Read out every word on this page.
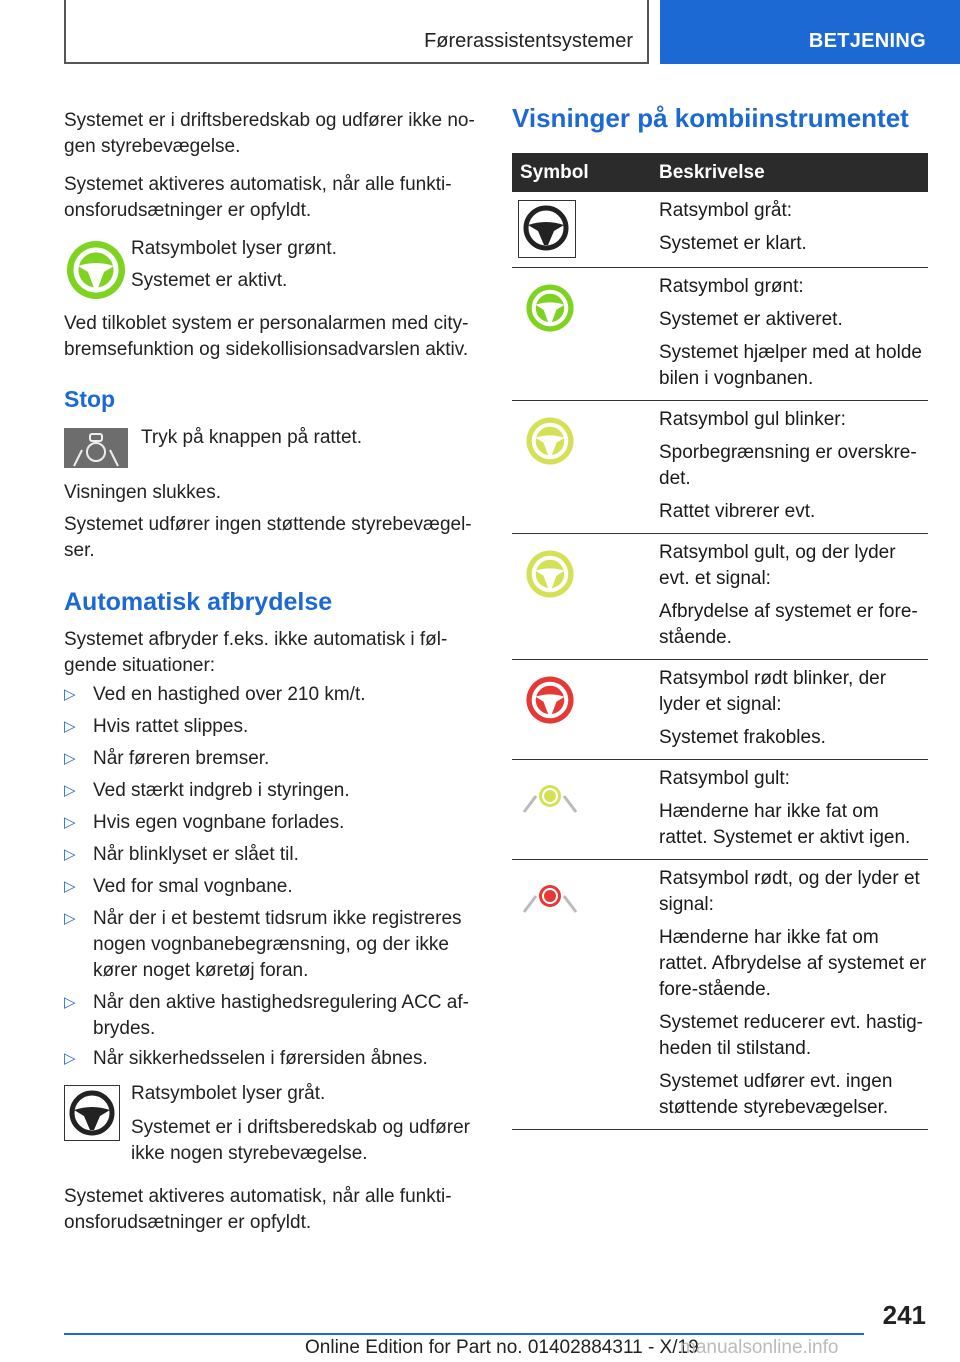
Førerassistentsystemer	BETJENING
Systemet er i driftsberedskab og udfører ikke no-gen styrebevægelse.
Systemet aktiveres automatisk, når alle funkti-onsforudsætninger er opfyldt.
Ratsymbolet lyser grønt.
Systemet er aktivt.
Ved tilkoblet system er personalarmen med city-bremsefunktion og sidekollisionsadvarslen aktiv.
Stop
Tryk på knappen på rattet.
Visningen slukkes.
Systemet udfører ingen støttende styrebevægel-ser.
Automatisk afbrydelse
Systemet afbryder f.eks. ikke automatisk i føl-gende situationer:
▷ Ved en hastighed over 210 km/t.
▷ Hvis rattet slippes.
▷ Når føreren bremser.
▷ Ved stærkt indgreb i styringen.
▷ Hvis egen vognbane forlades.
▷ Når blinklyset er slået til.
▷ Ved for smal vognbane.
▷ Når der i et bestemt tidsrum ikke registreres nogen vognbanebegrænsning, og der ikke kører noget køretøj foran.
▷ Når den aktive hastighedsregulering ACC af-brydes.
▷ Når sikkerhedsselen i førersiden åbnes.
Ratsymbolet lyser gråt.
Systemet er i driftsberedskab og udfører ikke nogen styrebevægelse.
Systemet aktiveres automatisk, når alle funkti-onsforudsætninger er opfyldt.
Visninger på kombiinstrumentet
Symbol	Beskrivelse

Ratsymbol gråt:
Systemet er klart.

Ratsymbol grønt:
Systemet er aktiveret.
Systemet hjælper med at holde bilen i vognbanen.

Ratsymbol gul blinker:
Sporbegrænsning er overskre-det.
Rattet vibrerer evt.

Ratsymbol gult, og der lyder evt. et signal:
Afbrydelse af systemet er fore-stående.

Ratsymbol rødt blinker, der lyder et signal:
Systemet frakobles.

Ratsymbol gult:
Hænderne har ikke fat om rattet. Systemet er aktivt igen.

Ratsymbol rødt, og der lyder et signal:
Hænderne har ikke fat om rattet. Afbrydelse af systemet er fore-stående.
Systemet reducerer evt. hastig-heden til stilstand.
Systemet udfører evt. ingen støttende styrebevægelser.
241
Online Edition for Part no. 01402884311 - X/19
manualsonline.info
